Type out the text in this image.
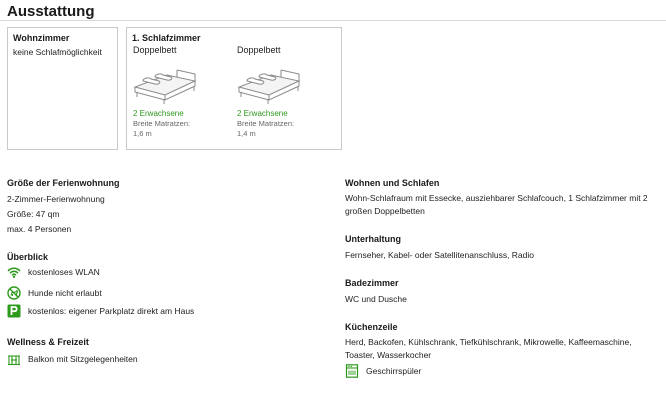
Ausstattung
Wohnzimmer
keine Schlafmöglichkeit
1. Schlafzimmer
Doppelbett
2 Erwachsene
Breite Matratzen:
1,6 m
Doppelbett
2 Erwachsene
Breite Matratzen:
1,4 m
Größe der Ferienwohnung
2-Zimmer-Ferienwohnung
Größe: 47 qm
max. 4 Personen
Überblick
kostenloses WLAN
Hunde nicht erlaubt
kostenlos: eigener Parkplatz direkt am Haus
Wellness & Freizeit
Balkon mit Sitzgelegenheiten
Wohnen und Schlafen
Wohn-Schlafraum mit Essecke, ausziehbarer Schlafcouch, 1 Schlafzimmer mit 2 großen Doppelbetten
Unterhaltung
Fernseher, Kabel- oder Satellitenanschluss, Radio
Badezimmer
WC und Dusche
Küchenzeile
Herd, Backofen, Kühlschrank, Tiefkühlschrank, Mikrowelle, Kaffeemaschine, Toaster, Wasserkocher
Geschirrspüler
